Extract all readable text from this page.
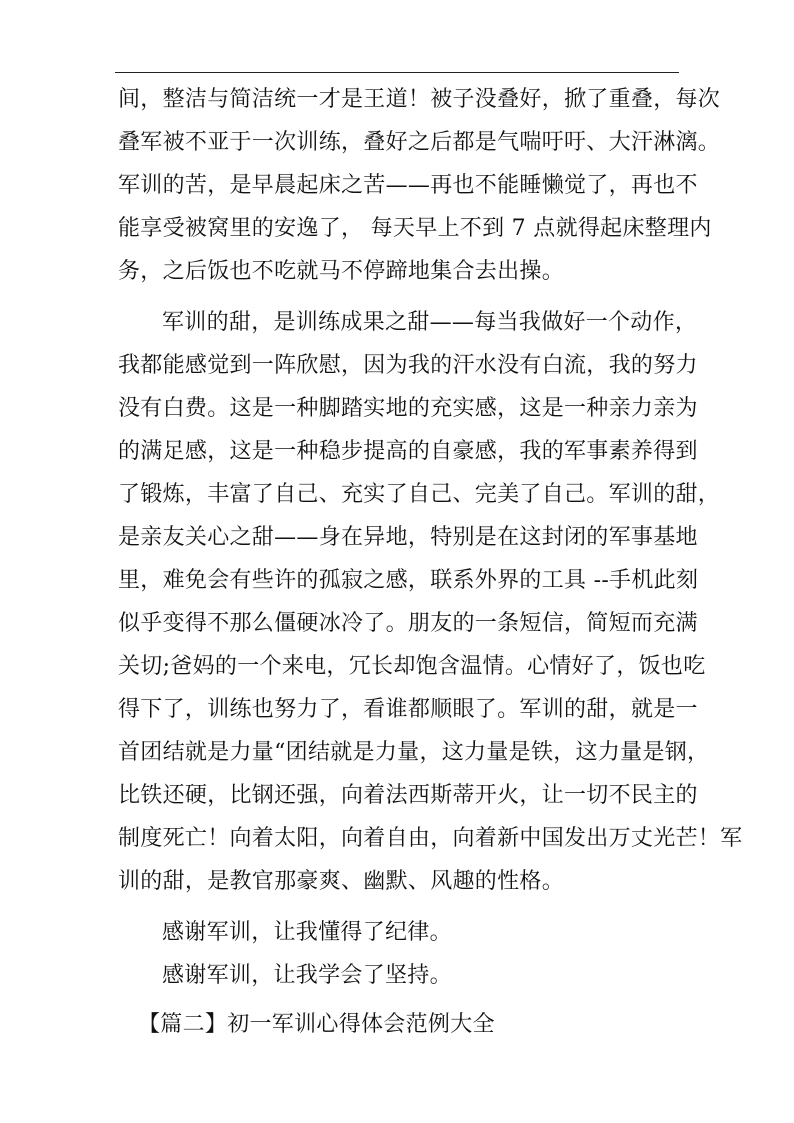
间，整洁与简洁统一才是王道！被子没叠好，掀了重叠，每次
叠军被不亚于一次训练，叠好之后都是气喘吁吁、大汗淋漓。
军训的苦，是早晨起床之苦——再也不能睡懒觉了，再也不
能享受被窝里的安逸了， 每天早上不到 7 点就得起床整理内
务，之后饭也不吃就马不停蹄地集合去出操。
军训的甜，是训练成果之甜——每当我做好一个动作，
我都能感觉到一阵欣慰，因为我的汗水没有白流，我的努力
没有白费。这是一种脚踏实地的充实感，这是一种亲力亲为
的满足感，这是一种稳步提高的自豪感，我的军事素养得到
了锻炼，丰富了自己、充实了自己、完美了自己。军训的甜，
是亲友关心之甜——身在异地，特别是在这封闭的军事基地
里，难免会有些许的孤寂之感，联系外界的工具 --手机此刻
似乎变得不那么僵硬冰冷了。朋友的一条短信，简短而充满
关切;爸妈的一个来电，冗长却饱含温情。心情好了，饭也吃
得下了，训练也努力了，看谁都顺眼了。军训的甜，就是一
首团结就是力量“团结就是力量，这力量是铁，这力量是钢，
比铁还硬，比钢还强，向着法西斯蒂开火，让一切不民主的
制度死亡！向着太阳，向着自由，向着新中国发出万丈光芒！军
训的甜，是教官那豪爽、幽默、风趣的性格。
感谢军训，让我懂得了纪律。
感谢军训，让我学会了坚持。
【篇二】初一军训心得体会范例大全
